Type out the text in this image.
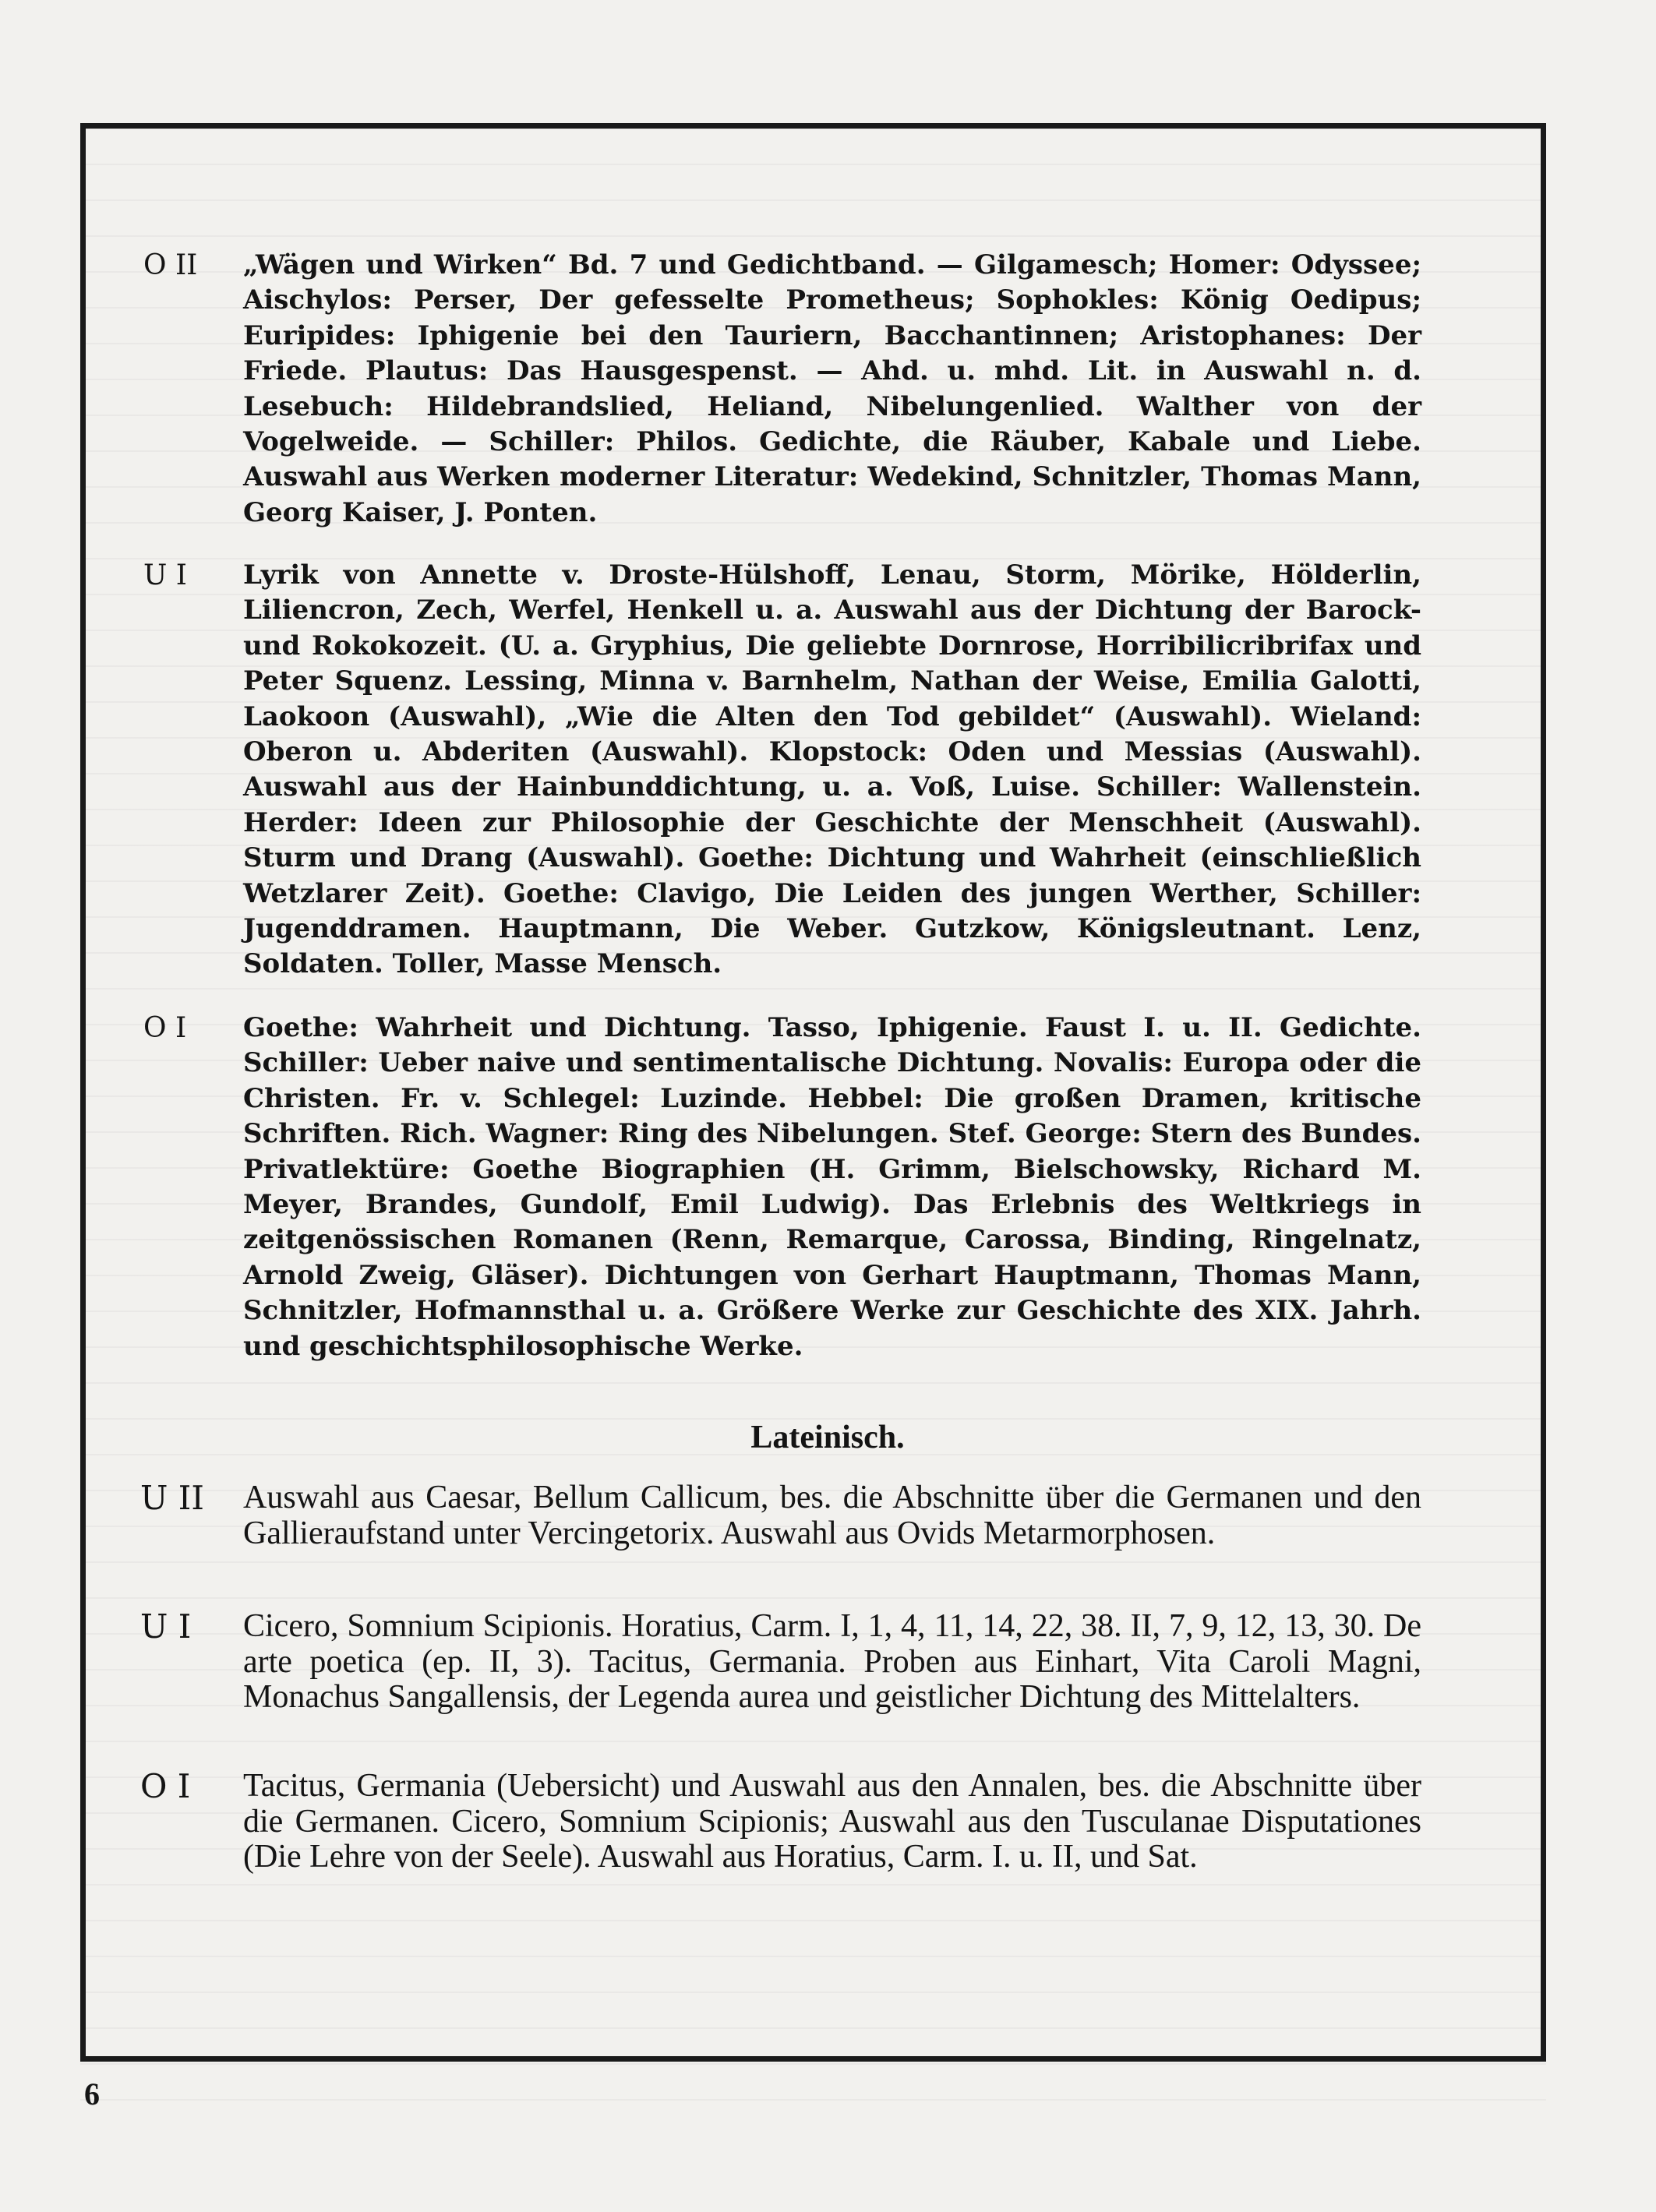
O II	„Wägen und Wirken“ Bd. 7 und Gedichtband. — Gilgamesch; Homer: Odyssee; Aischylos: Perser, Der gefesselte Prometheus; Sophokles: König Oedipus; Euripides: Iphigenie bei den Tauriern, Bacchantinnen; Aristophanes: Der Friede. Plautus: Das Hausgespenst. — Ahd. u. mhd. Lit. in Auswahl n. d. Lesebuch: Hildebrandslied, Heliand, Nibelungenlied. Walther von der Vogelweide. — Schiller: Philos. Gedichte, die Räuber, Kabale und Liebe. Auswahl aus Werken moderner Literatur: Wedekind, Schnitzler, Thomas Mann, Georg Kaiser, J. Ponten.
U I	Lyrik von Annette v. Droste-Hülshoff, Lenau, Storm, Mörike, Hölderlin, Liliencron, Zech, Werfel, Henkell u. a. Auswahl aus der Dichtung der Barock- und Rokokozeit. (U. a. Gryphius, Die geliebte Dornrose, Horribilicribrifax und Peter Squenz. Lessing, Minna v. Barnhelm, Nathan der Weise, Emilia Galotti, Laokoon (Auswahl), „Wie die Alten den Tod gebildet“ (Auswahl). Wieland: Oberon u. Abderiten (Auswahl). Klopstock: Oden und Messias (Auswahl). Auswahl aus der Hainbunddichtung, u. a. Voß, Luise. Schiller: Wallenstein. Herder: Ideen zur Philosophie der Geschichte der Menschheit (Auswahl). Sturm und Drang (Auswahl). Goethe: Dichtung und Wahrheit (einschließlich Wetzlarer Zeit). Goethe: Clavigo, Die Leiden des jungen Werther, Schiller: Jugenddramen. Hauptmann, Die Weber. Gutzkow, Königsleutnant. Lenz, Soldaten. Toller, Masse Mensch.
O I	Goethe: Wahrheit und Dichtung. Tasso, Iphigenie. Faust I. u. II. Gedichte. Schiller: Ueber naive und sentimentalische Dichtung. Novalis: Europa oder die Christen. Fr. v. Schlegel: Luzinde. Hebbel: Die großen Dramen, kritische Schriften. Rich. Wagner: Ring des Nibelungen. Stef. George: Stern des Bundes. Privatlektüre: Goethe Biographien (H. Grimm, Bielschowsky, Richard M. Meyer, Brandes, Gundolf, Emil Ludwig). Das Erlebnis des Weltkriegs in zeitgenössischen Romanen (Renn, Remarque, Carossa, Binding, Ringelnatz, Arnold Zweig, Gläser). Dichtungen von Gerhart Hauptmann, Thomas Mann, Schnitzler, Hofmannsthal u. a. Größere Werke zur Geschichte des XIX. Jahrh. und geschichtsphilosophische Werke.
Lateinisch.
U II	Auswahl aus Caesar, Bellum Callicum, bes. die Abschnitte über die Germanen und den Gallieraufstand unter Vercingetorix. Auswahl aus Ovids Metarmorphosen.
U I	Cicero, Somnium Scipionis. Horatius, Carm. I, 1, 4, 11, 14, 22, 38. II, 7, 9, 12, 13, 30. De arte poetica (ep. II, 3). Tacitus, Germania. Proben aus Einhart, Vita Caroli Magni, Monachus Sangallensis, der Legenda aurea und geistlicher Dichtung des Mittelalters.
O I	Tacitus, Germania (Uebersicht) und Auswahl aus den Annalen, bes. die Abschnitte über die Germanen. Cicero, Somnium Scipionis; Auswahl aus den Tusculanae Disputationes (Die Lehre von der Seele). Auswahl aus Horatius, Carm. I. u. II, und Sat.
6
